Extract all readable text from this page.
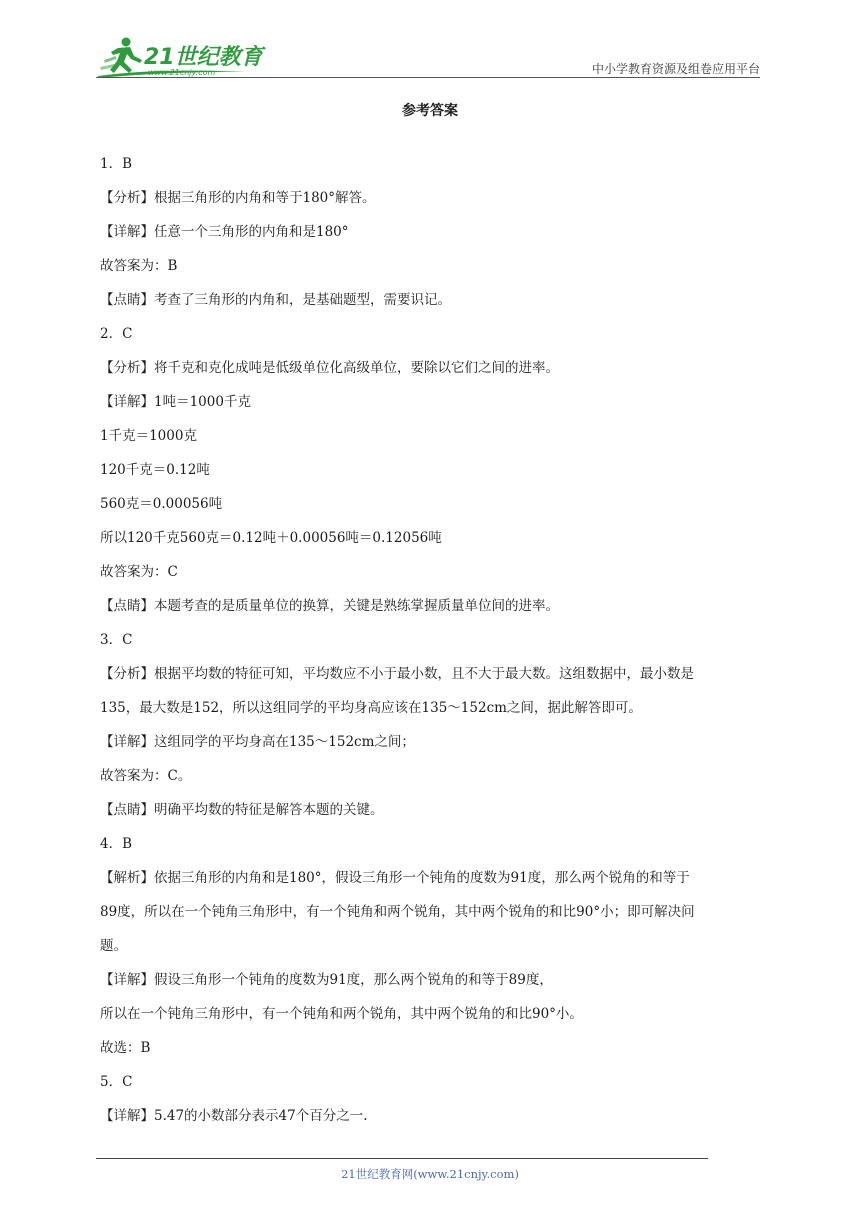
21世纪教育
www.21cnjy.com	中小学教育资源及组卷应用平台
参考答案
1．B
【分析】根据三角形的内角和等于180°解答。
【详解】任意一个三角形的内角和是180°
故答案为：B
【点睛】考查了三角形的内角和，是基础题型，需要识记。
2．C
【分析】将千克和克化成吨是低级单位化高级单位，要除以它们之间的进率。
【详解】1吨＝1000千克
1千克＝1000克
120千克＝0.12吨
560克＝0.00056吨
所以120千克560克＝0.12吨＋0.00056吨＝0.12056吨
故答案为：C
【点睛】本题考查的是质量单位的换算，关键是熟练掌握质量单位间的进率。
3．C
【分析】根据平均数的特征可知，平均数应不小于最小数，且不大于最大数。这组数据中，最小数是
135，最大数是152，所以这组同学的平均身高应该在135～152cm之间，据此解答即可。
【详解】这组同学的平均身高在135～152cm之间；
故答案为：C。
【点睛】明确平均数的特征是解答本题的关键。
4．B
【解析】依据三角形的内角和是180°，假设三角形一个钝角的度数为91度，那么两个锐角的和等于
89度，所以在一个钝角三角形中，有一个钝角和两个锐角，其中两个锐角的和比90°小；即可解决问
题。
【详解】假设三角形一个钝角的度数为91度，那么两个锐角的和等于89度，
所以在一个钝角三角形中，有一个钝角和两个锐角，其中两个锐角的和比90°小。
故选：B
5．C
【详解】5.47的小数部分表示47个百分之一.
21世纪教育网(www.21cnjy.com)
